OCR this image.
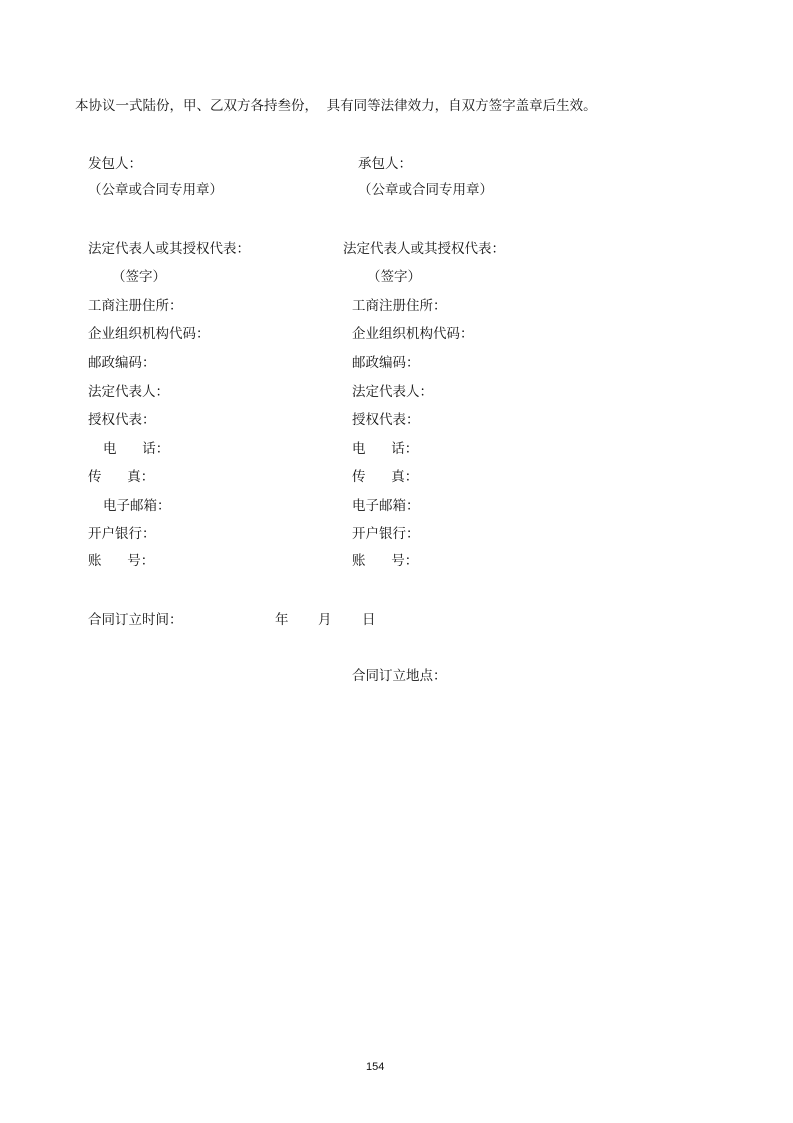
本协议一式陆份，甲、乙双方各持叁份，  具有同等法律效力，自双方签字盖章后生效。
发包人：
（公章或合同专用章）
法定代表人或其授权代表：
（签字）
工商注册住所：
企业组织机构代码：
邮政编码：
法定代表人：
授权代表：
电      话：
传      真：
电子邮箱：
开户银行：
账      号：
承包人：
（公章或合同专用章）
法定代表人或其授权代表：
（签字）
工商注册住所：
企业组织机构代码：
邮政编码：
法定代表人：
授权代表：
电      话：
传      真：
电子邮箱：
开户银行：
账      号：
合同订立时间：	年 月 日
合同订立地点：
154
